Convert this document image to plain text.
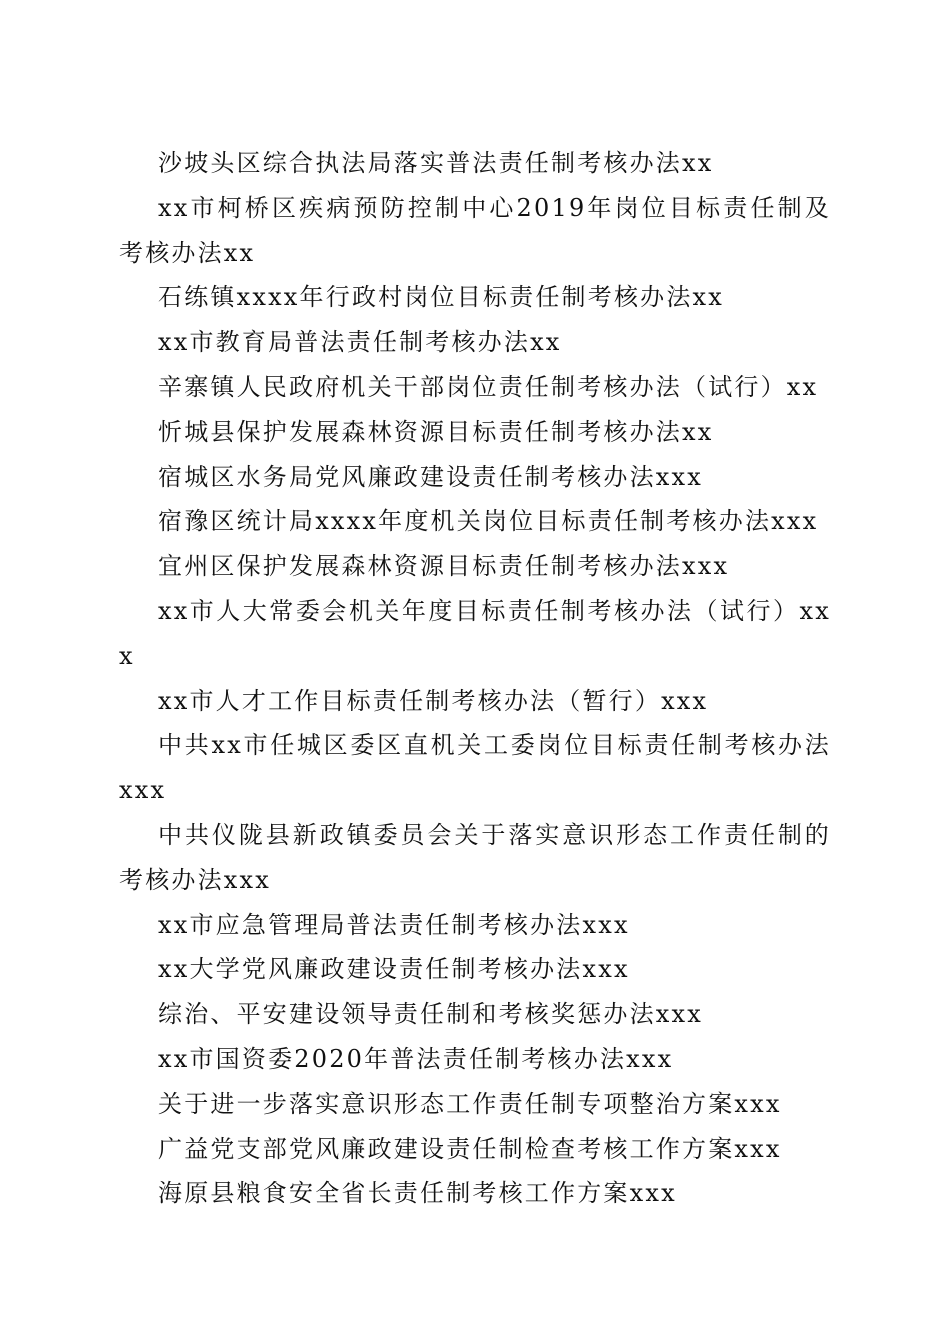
沙坡头区综合执法局落实普法责任制考核办法xx
xx市柯桥区疾病预防控制中心2019年岗位目标责任制及考核办法xx
石练镇xxxx年行政村岗位目标责任制考核办法xx
xx市教育局普法责任制考核办法xx
辛寨镇人民政府机关干部岗位责任制考核办法（试行）xx
忻城县保护发展森林资源目标责任制考核办法xx
宿城区水务局党风廉政建设责任制考核办法xxx
宿豫区统计局xxxx年度机关岗位目标责任制考核办法xxx
宜州区保护发展森林资源目标责任制考核办法xxx
xx市人大常委会机关年度目标责任制考核办法（试行）xxx
xx市人才工作目标责任制考核办法（暂行）xxx
中共xx市任城区委区直机关工委岗位目标责任制考核办法xxx
中共仪陇县新政镇委员会关于落实意识形态工作责任制的考核办法xxx
xx市应急管理局普法责任制考核办法xxx
xx大学党风廉政建设责任制考核办法xxx
综治、平安建设领导责任制和考核奖惩办法xxx
xx市国资委2020年普法责任制考核办法xxx
关于进一步落实意识形态工作责任制专项整治方案xxx
广益党支部党风廉政建设责任制检查考核工作方案xxx
海原县粮食安全省长责任制考核工作方案xxx
